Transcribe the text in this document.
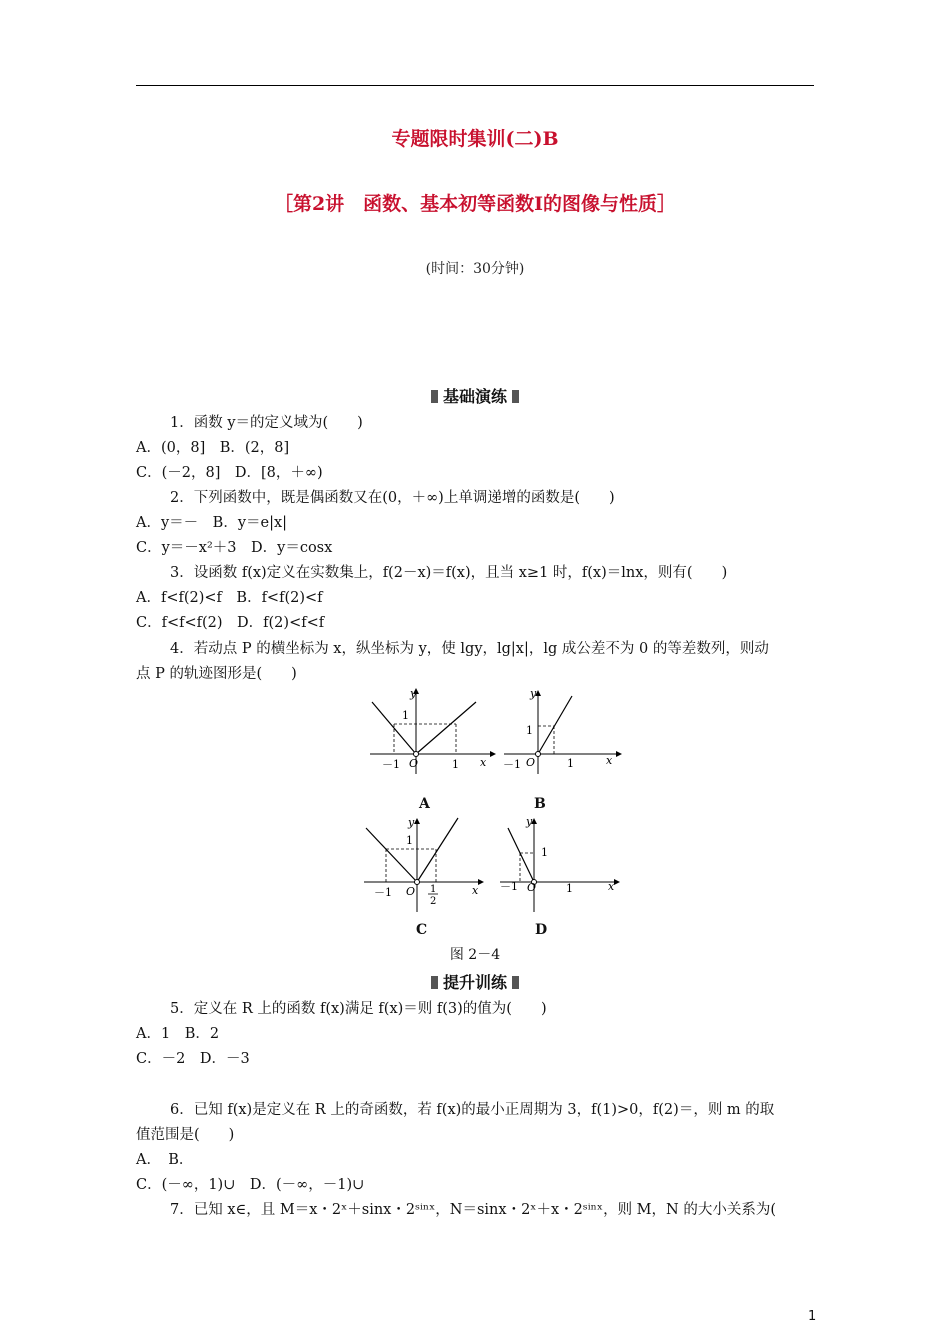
专题限时集训(二)B
［第2讲　函数、基本初等函数Ⅰ的图像与性质］
(时间：30分钟)
基础演练
1．函数 y＝的定义域为(　　)
A．(0，8]　B．(2，8]
C．(－2，8]　D．[8，＋∞)
2．下列函数中，既是偶函数又在(0，＋∞)上单调递增的函数是(　　)
A．y＝－　B．y＝e|x|
C．y＝－x²＋3　D．y＝cosx
3．设函数 f(x)定义在实数集上，f(2－x)＝f(x)，且当 x≥1 时，f(x)＝lnx，则有(　　)
A．f<f(2)<f　B．f<f(2)<f
C．f<f<f(2)　D．f(2)<f<f
4．若动点 P 的横坐标为 x，纵坐标为 y，使 lgy，lg|x|，lg 成公差不为 0 的等差数列，则动
点 P 的轨迹图形是(　　)
y
1
－1 O	1 x
A
y
1
－1 O	1	x
B
y
1
－1 O 1
2
x
C
y
1
－1 O	1	x
D
图 2－4
提升训练
5．定义在 R 上的函数 f(x)满足 f(x)＝则 f(3)的值为(　　)
A．1　B．2
C．－2　D．－3
6．已知 f(x)是定义在 R 上的奇函数，若 f(x)的最小正周期为 3，f(1)>0，f(2)＝，则 m 的取
值范围是(　　)
A．　B．
C．(－∞，1)∪　D．(－∞，－1)∪
7．已知 x∈，且 M＝x・2ˣ＋sinx・2ˢⁱⁿˣ，N＝sinx・2ˣ＋x・2ˢⁱⁿˣ，则 M，N 的大小关系为(
1
